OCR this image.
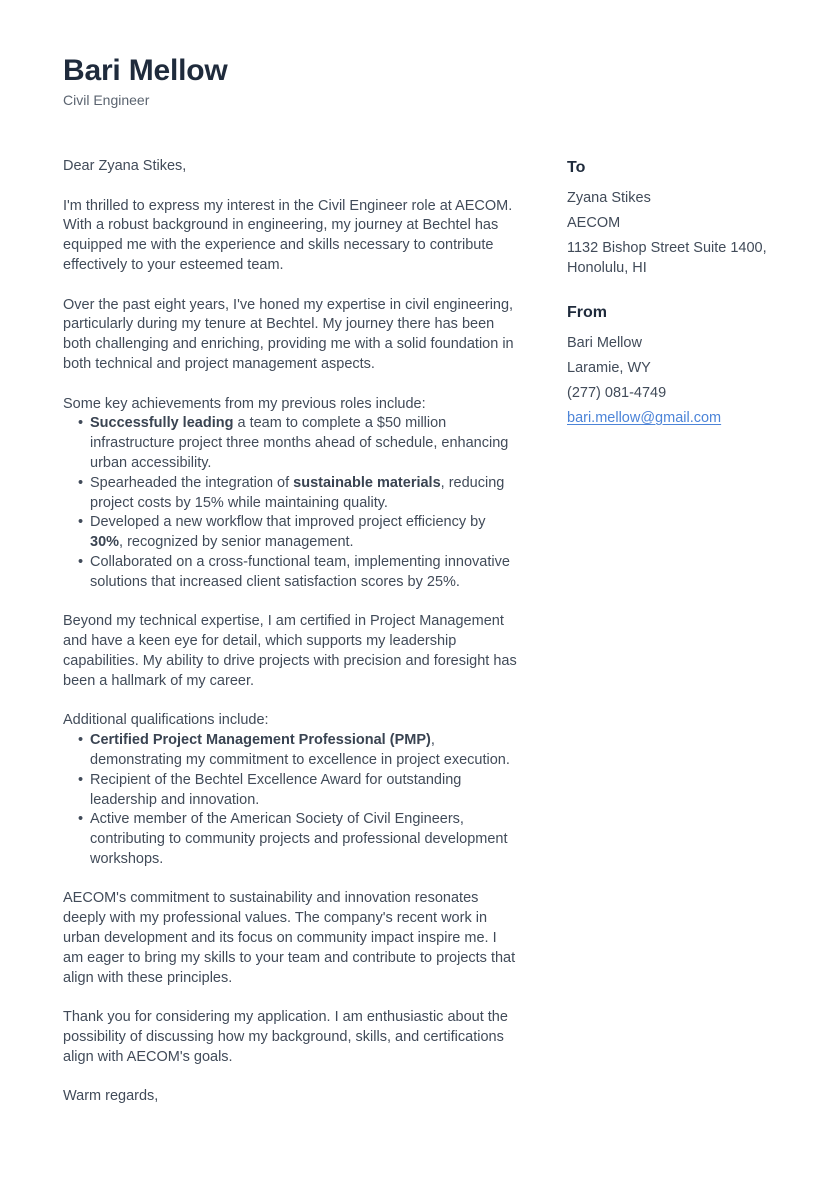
Bari Mellow
Civil Engineer

Dear Zyana Stikes,

I'm thrilled to express my interest in the Civil Engineer role at AECOM. With a robust background in engineering, my journey at Bechtel has equipped me with the experience and skills necessary to contribute effectively to your esteemed team.

Over the past eight years, I've honed my expertise in civil engineering, particularly during my tenure at Bechtel. My journey there has been both challenging and enriching, providing me with a solid foundation in both technical and project management aspects.

Some key achievements from my previous roles include:

• Successfully leading a team to complete a $50 million infrastructure project three months ahead of schedule, enhancing urban accessibility.
• Spearheaded the integration of sustainable materials, reducing project costs by 15% while maintaining quality.
• Developed a new workflow that improved project efficiency by 30%, recognized by senior management.
• Collaborated on a cross-functional team, implementing innovative solutions that increased client satisfaction scores by 25%.

Beyond my technical expertise, I am certified in Project Management and have a keen eye for detail, which supports my leadership capabilities. My ability to drive projects with precision and foresight has been a hallmark of my career.

Additional qualifications include:

• Certified Project Management Professional (PMP), demonstrating my commitment to excellence in project execution.
• Recipient of the Bechtel Excellence Award for outstanding leadership and innovation.
• Active member of the American Society of Civil Engineers, contributing to community projects and professional development workshops.

AECOM's commitment to sustainability and innovation resonates deeply with my professional values. The company's recent work in urban development and its focus on community impact inspire me. I am eager to bring my skills to your team and contribute to projects that align with these principles.

Thank you for considering my application. I am enthusiastic about the possibility of discussing how my background, skills, and certifications align with AECOM's goals.

Warm regards,

To
Zyana Stikes
AECOM
1132 Bishop Street Suite 1400, Honolulu, HI
From
Bari Mellow
Laramie, WY
(277) 081-4749
bari.mellow@gmail.com
